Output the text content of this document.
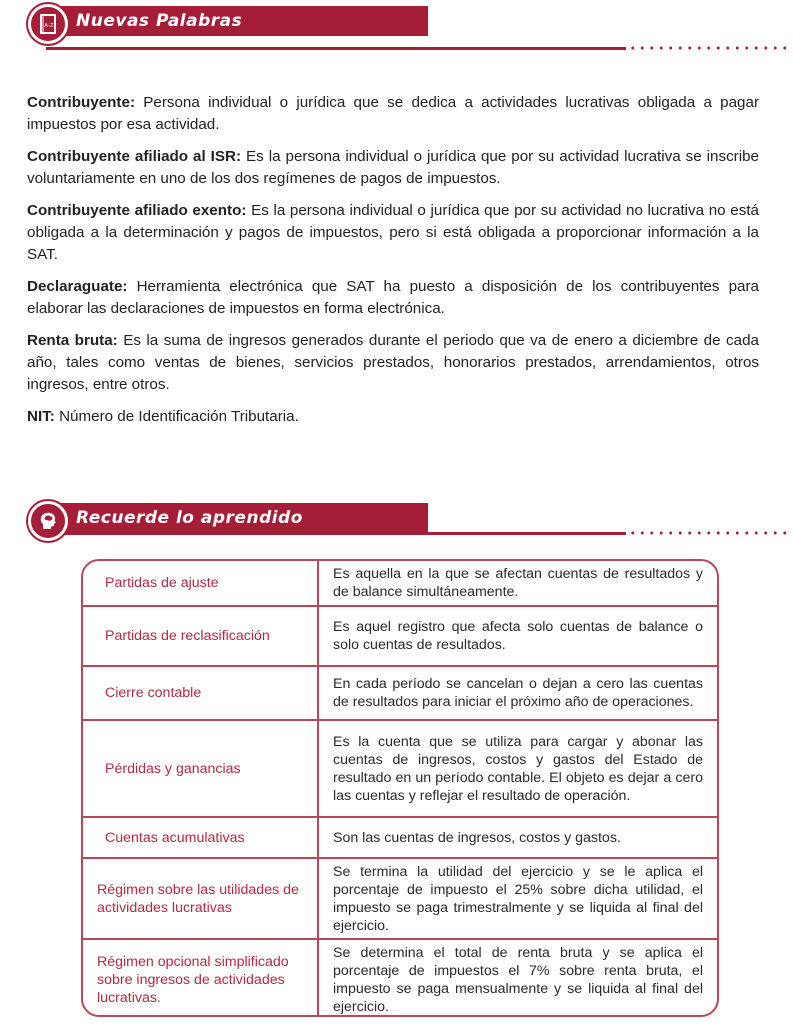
A-Z Nuevas Palabras

Contribuyente: Persona individual o jurídica que se dedica a actividades lucrativas obligada a pagar impuestos por esa actividad.

Contribuyente afiliado al ISR: Es la persona individual o jurídica que por su actividad lucrativa se inscribe voluntariamente en uno de los dos regímenes de pagos de impuestos.

Contribuyente afiliado exento: Es la persona individual o jurídica que por su actividad no lucrativa no está obligada a la determinación y pagos de impuestos, pero si está obligada a proporcionar información a la SAT.

Declaraguate: Herramienta electrónica que SAT ha puesto a disposición de los contribuyentes para elaborar las declaraciones de impuestos en forma electrónica.

Renta bruta: Es la suma de ingresos generados durante el periodo que va de enero a diciembre de cada año, tales como ventas de bienes, servicios prestados, honorarios prestados, arrendamientos, otros ingresos, entre otros.

NIT: Número de Identificación Tributaria.

Recuerde lo aprendido
Partidas de ajuste	Es aquella en la que se afectan cuentas de resultados y de balance simultáneamente.
Partidas de reclasificación	Es aquel registro que afecta solo cuentas de balance o solo cuentas de resultados.
Cierre contable	En cada período se cancelan o dejan a cero las cuentas de resultados para iniciar el próximo año de operaciones.
Pérdidas y ganancias	Es la cuenta que se utiliza para cargar y abonar las cuentas de ingresos, costos y gastos del Estado de resultado en un período contable. El objeto es dejar a cero las cuentas y reflejar el resultado de operación.
Cuentas acumulativas	Son las cuentas de ingresos, costos y gastos.
Régimen sobre las utilidades de actividades lucrativas	Se termina la utilidad del ejercicio y se le aplica el porcentaje de impuesto el 25% sobre dicha utilidad, el impuesto se paga trimestralmente y se liquida al final del ejercicio.
Régimen opcional simplificado sobre ingresos de actividades lucrativas.	Se determina el total de renta bruta y se aplica el porcentaje de impuestos el 7% sobre renta bruta, el impuesto se paga mensualmente y se liquida al final del ejercicio.
